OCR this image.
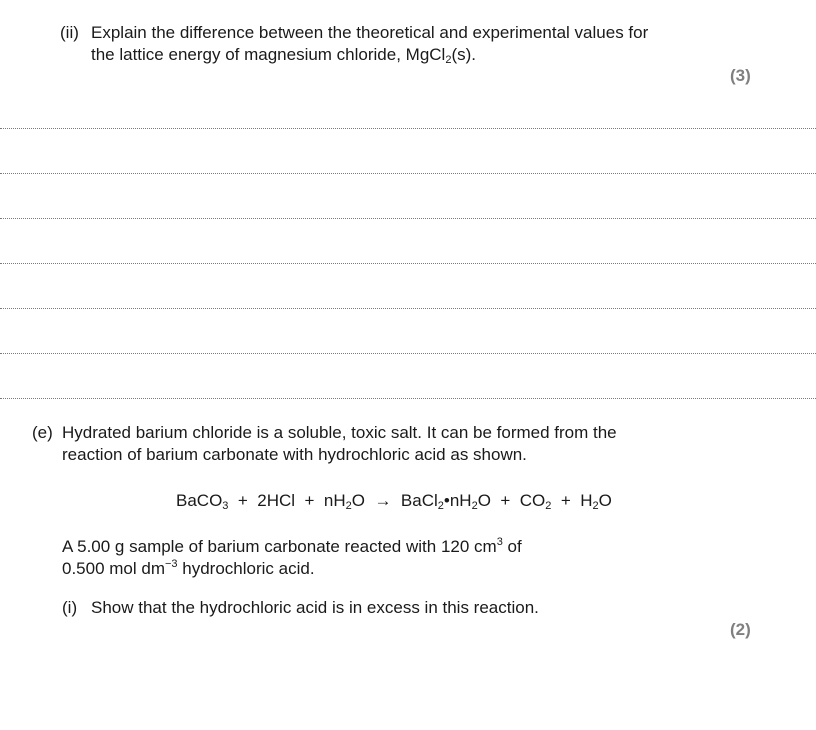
(ii) Explain the difference between the theoretical and experimental values for
the lattice energy of magnesium chloride, MgCl$_2$(s).
(3)
(e) Hydrated barium chloride is a soluble, toxic salt. It can be formed from the
reaction of barium carbonate with hydrochloric acid as shown.
BaCO$_3$ + $2HCl + nH_2O$ → $BaCl_2•nH_2O + CO_2 + H_2O$
A 5.00 g sample of barium carbonate reacted with 120 $cm^3$ of
0.500 mol $dm^{-3}$ hydrochloric acid.
(i) Show that the hydrochloric acid is in excess in this reaction.
(2)
